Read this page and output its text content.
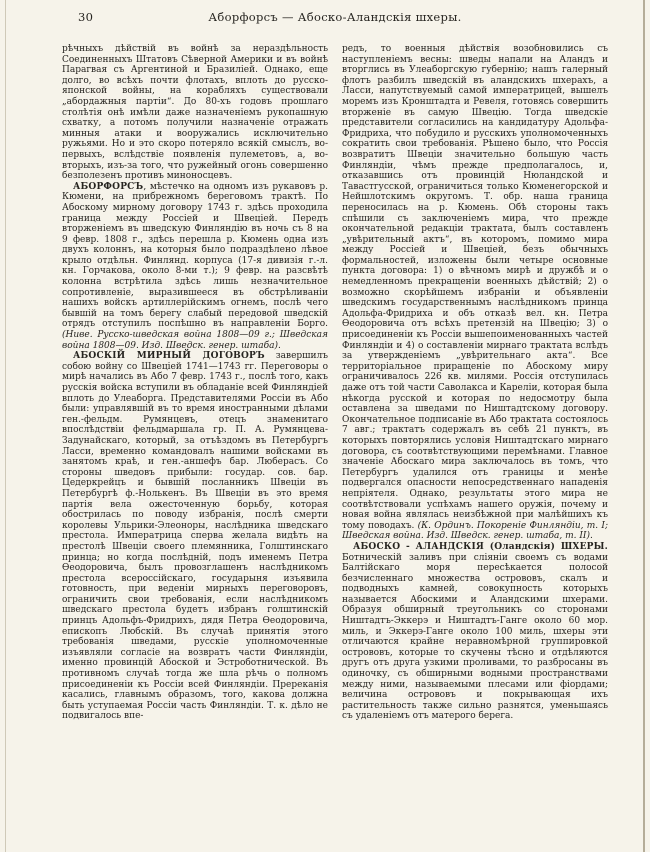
30	Аборфорсъ — Абоско-Аландскія шхеры.

рѣчныхъ дѣйствій въ войнѣ за нераздѣльность Соединенныхъ Штатовъ Сѣверной Америки и въ войнѣ Парагвая съ Аргентиной и Бразиліей. Однако, еще долго, во всѣхъ почти флотахъ, вплоть до русско-японской войны, на корабляхъ существовали „абордажныя партіи“. До 80-хъ годовъ прошлаго столѣтія онѣ имѣли даже назначеніемъ рукопашную схватку, а потомъ получили назначеніе отражать минныя атаки и вооружались исключительно ружьями. Но и это скоро потеряло всякій смыслъ, во-первыхъ, вслѣдствіе появленія пулеметовъ, а, во-вторыхъ, изъ-за того, что ружейный огонь совершенно безполезенъ противъ миноносцевъ.

АБОРФОРСЪ, мѣстечко на одномъ изъ рукавовъ р. Кюмени, на прибрежномъ береговомъ трактѣ. По Абоскому мирному договору 1743 г. здѣсь проходила граница между Россіей и Швеціей. Передъ вторженіемъ въ шведскую Финляндію въ ночь съ 8 на 9 февр. 1808 г., здѣсь перешла р. Кюмень одна изъ двухъ колоннъ, на которыя было подраздѣлено лѣвое крыло отдѣльн. Финлянд. корпуса (17-я дивизія г.-л. кн. Горчакова, около 8-ми т.); 9 февр. на разсвѣтѣ колонна встрѣтила здѣсь лишь незначительное сопротивленіе, выразившееся въ обстрѣливаніи нашихъ войскъ артиллерійскимъ огнемъ, послѣ чего бывшій на томъ берегу слабый передовой шведскій отрядъ отступилъ поспѣшно въ направленіи Борго. (Ниве. Русско-шведская война 1808—09 г.; Шведская война 1808—09. Изд. Шведск. генер. штаба).

АБОСКІЙ МИРНЫЙ ДОГОВОРЪ завершилъ собою войну со Швеціей 1741—1743 гг. Переговоры о мирѣ начались въ Або 7 февр. 1743 г., послѣ того, какъ русскія войска вступили въ обладаніе всей Финляндіей вплоть до Улеаборга. Представителями Россіи въ Або были: управлявшій въ то время иностранными дѣлами ген.-фельдм. Румянцевъ, отецъ знаменитаго впослѣдствіи фельдмаршала гр. П. А. Румянцева-Задунайскаго, который, за отъѣздомъ въ Петербургъ Ласси, временно командовалъ нашими войсками въ занятомъ краѣ, и ген.-аншефъ бар. Люберасъ. Со стороны шведовъ прибыли: государ. сов. бар. Цедеркрейцъ и бывшій посланникъ Швеціи въ Петербургѣ ф.-Нолькенъ. Въ Швеціи въ это время партія вела ожесточенную борьбу, которая обострилась по поводу избранія, послѣ смерти королевы Ульрики-Элеоноры, наслѣдника шведскаго престола. Императрица сперва желала видѣть на престолѣ Швеціи своего племянника, Голштинскаго принца; но когда послѣдній, подъ именемъ Петра Ѳеодоровича, былъ провозглашенъ наслѣдникомъ престола всероссійскаго, государыня изъявила готовность, при веденіи мирныхъ переговоровъ, ограничить свои требованія, если наслѣдникомъ шведскаго престола будетъ избранъ голштинскій принцъ Адольфъ-Фридрихъ, дядя Петра Ѳеодоровича, епископъ Любскій. Въ случаѣ принятія этого требованія шведами, русскіе уполномоченные изъявляли согласіе на возвратъ части Финляндіи, именно провинцій Абоской и Эстроботнической. Въ противномъ случаѣ тогда же шла рѣчь о полномъ присоединеніи къ Россіи всей Финляндіи. Пререканія касались, главнымъ образомъ, того, какова должна быть уступаемая Россіи часть Финляндіи. Т. к. дѣло не подвигалось впе-

редъ, то военныя дѣйствія возобновились съ наступленіемъ весны: шведы напали на Аландъ и вторглись въ Улеаборгскую губернію; нашъ галерный флотъ разбилъ шведскій въ аландскихъ шхерахъ, а Ласси, напутствуемый самой императрицей, вышелъ моремъ изъ Кронштадта и Ревеля, готовясь совершить вторженіе въ самую Швецію. Тогда шведскіе представители согласились на кандидатуру Адольфа-Фридриха, что побудило и русскихъ уполномоченныхъ сократить свои требованія. Рѣшено было, что Россія возвратитъ Швеціи значительно большую часть Финляндіи, чѣмъ прежде предполагалось, и, отказавшись отъ провинцій Нюландской и Тавастгусской, ограничиться только Кюменегорской и Нейшлотскимъ округомъ. Т. обр. наша граница переносилась на р. Кюмень. Обѣ стороны такъ спѣшили съ заключеніемъ мира, что прежде окончательной редакціи трактата, былъ составленъ „увѣрительный актъ“, въ которомъ, помимо мира между Россіей и Швеціей, безъ обычныхъ формальностей, изложены были четыре основные пункта договора: 1) о вѣчномъ мирѣ и дружбѣ и о немедленномъ прекращеніи военныхъ дѣйствій; 2) о возможно скорѣйшемъ избраніи и объявленіи шведскимъ государственнымъ наслѣдникомъ принца Адольфа-Фридриха и объ отказѣ вел. кн. Петра Ѳеодоровича отъ всѣхъ претензій на Швецію; 3) о присоединеніи къ Россіи вышепоименованныхъ частей Финляндіи и 4) о составленіи мирнаго трактата вслѣдъ за утвержденіемъ „увѣрительнаго акта“. Все территоріальное приращеніе по Абоскому миру ограничивалось 226 кв. милями. Россія отступилась даже отъ той части Саволакса и Кареліи, которая была нѣкогда русской и которая по недосмотру была оставлена за шведами по Ништадтскому договору. Окончательное подписаніе въ Або трактата состоялось 7 авг.; трактатъ содержалъ въ себѣ 21 пунктъ, въ которыхъ повторялись условія Ништадтскаго мирнаго договора, съ соотвѣтствующими перемѣнами. Главное значеніе Абоскаго мира заключалось въ томъ, что Петербургъ удалился отъ границы и менѣе подвергался опасности непосредственнаго нападенія непріятеля. Однако, результаты этого мира не соотвѣтствовали успѣхамъ нашего оружія, почему и новая война являлась неизбѣжной при малѣйшихъ къ тому поводахъ. (К. Ординъ. Покореніе Финляндіи, т. I; Шведская война. Изд. Шведск. генер. штаба, т. II).

АБОСКО - АЛАНДСКІЯ (Оландскія) ШХЕРЫ. Ботническій заливъ при сліяніи своемъ съ водами Балтійскаго моря пересѣкается полосой безчисленнаго множества острововъ, скалъ и подводныхъ камней, совокупность которыхъ называется Абоскими и Аландскими шхерами. Образуя обширный треугольникъ со сторонами Ништадтъ-Эккерэ и Ништадтъ-Ганге около 60 мор. миль, и Эккерэ-Ганге около 100 миль, шхеры эти отличаются крайне неравномѣрной группировкой острововъ, которые то скучены тѣсно и отдѣляются другъ отъ друга узкими проливами, то разбросаны въ одиночку, съ обширными водными пространствами между ними, называемыми плесами или фіордами; величина острововъ и покрывающая ихъ растительность также сильно разнятся, уменьшаясь съ удаленіемъ отъ матерого берега.
